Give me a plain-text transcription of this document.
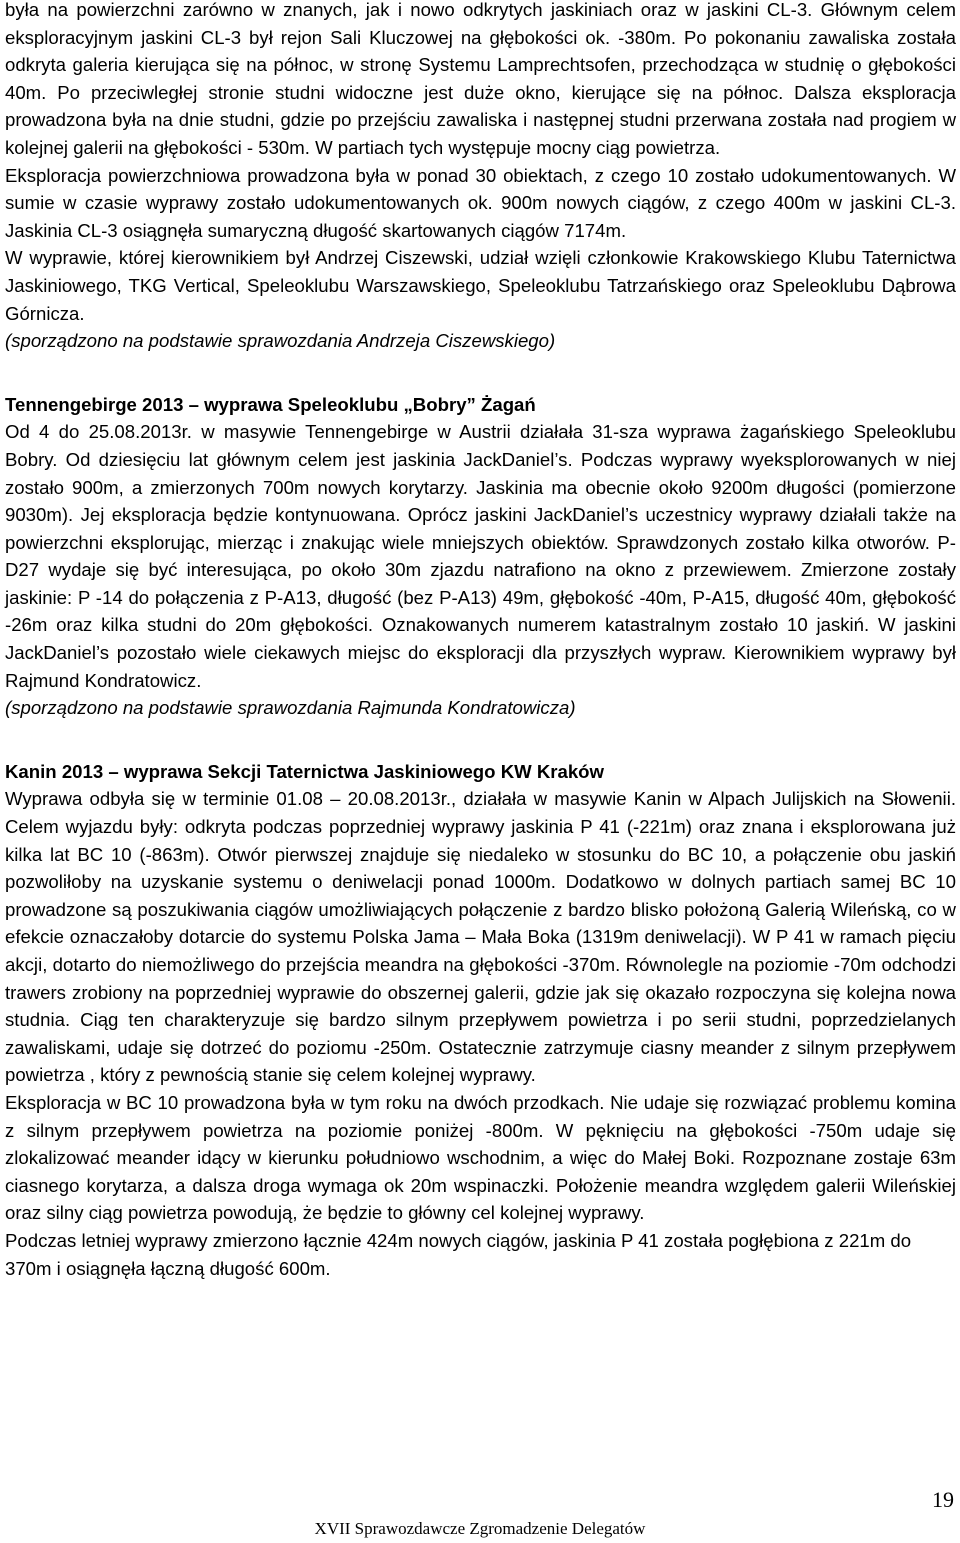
była na powierzchni zarówno w znanych, jak i nowo odkrytych jaskiniach oraz w jaskini CL-3. Głównym celem eksploracyjnym jaskini CL-3 był rejon Sali Kluczowej na głębokości ok. -380m. Po pokonaniu zawaliska została odkryta galeria kierująca się na północ, w stronę Systemu Lamprechtsofen, przechodząca w studnię o głębokości 40m. Po przeciwległej stronie studni widoczne jest duże okno, kierujące się na północ. Dalsza eksploracja prowadzona była na dnie studni, gdzie po przejściu zawaliska i następnej studni przerwana została nad progiem w kolejnej galerii na głębokości - 530m. W partiach tych występuje mocny ciąg powietrza.

Eksploracja powierzchniowa prowadzona była w ponad 30 obiektach, z czego 10 zostało udokumentowanych. W sumie w czasie wyprawy zostało udokumentowanych ok. 900m nowych ciągów, z czego 400m w jaskini CL-3. Jaskinia CL-3 osiągnęła sumaryczną długość skartowanych ciągów 7174m.

W wyprawie, której kierownikiem był Andrzej Ciszewski, udział wzięli członkowie Krakowskiego Klubu Taternictwa Jaskiniowego, TKG Vertical, Speleoklubu Warszawskiego, Speleoklubu Tatrzańskiego oraz Speleoklubu Dąbrowa Górnicza.

(sporządzono na podstawie sprawozdania Andrzeja Ciszewskiego)

Tennengebirge 2013 – wyprawa Speleoklubu „Bobry” Żagań

Od 4 do 25.08.2013r. w masywie Tennengebirge w Austrii działała 31-sza wyprawa żagańskiego Speleoklubu Bobry. Od dziesięciu lat głównym celem jest jaskinia JackDaniel’s. Podczas wyprawy wyeksplorowanych w niej zostało 900m, a zmierzonych 700m nowych korytarzy. Jaskinia ma obecnie około 9200m długości (pomierzone 9030m). Jej eksploracja będzie kontynuowana. Oprócz jaskini JackDaniel’s uczestnicy wyprawy działali także na powierzchni eksplorując, mierząc i znakując wiele mniejszych obiektów. Sprawdzonych zostało kilka otworów. P-D27 wydaje się być interesująca, po około 30m zjazdu natrafiono na okno z przewiewem. Zmierzone zostały jaskinie: P -14 do połączenia z P-A13, długość (bez P-A13) 49m, głębokość -40m, P-A15, długość 40m, głębokość -26m oraz kilka studni do 20m głębokości. Oznakowanych numerem katastralnym zostało 10 jaskiń. W jaskini JackDaniel’s pozostało wiele ciekawych miejsc do eksploracji dla przyszłych wypraw. Kierownikiem wyprawy był Rajmund Kondratowicz.

(sporządzono na podstawie sprawozdania Rajmunda Kondratowicza)

Kanin 2013 – wyprawa Sekcji Taternictwa Jaskiniowego KW Kraków

Wyprawa odbyła się w terminie 01.08 – 20.08.2013r., działała w masywie Kanin w Alpach Julijskich na Słowenii. Celem wyjazdu były: odkryta podczas poprzedniej wyprawy jaskinia P 41 (-221m) oraz znana i eksplorowana już kilka lat BC 10 (-863m). Otwór pierwszej znajduje się niedaleko w stosunku do BC 10, a połączenie obu jaskiń pozwoliłoby na uzyskanie systemu o deniwelacji ponad 1000m. Dodatkowo w dolnych partiach samej BC 10 prowadzone są poszukiwania ciągów umożliwiających połączenie z bardzo blisko położoną Galerią Wileńską, co w efekcie oznaczałoby dotarcie do systemu Polska Jama – Mała Boka (1319m deniwelacji). W P 41 w ramach pięciu akcji, dotarto do niemożliwego do przejścia meandra na głębokości -370m. Równolegle na poziomie -70m odchodzi trawers zrobiony na poprzedniej wyprawie do obszernej galerii, gdzie jak się okazało rozpoczyna się kolejna nowa studnia. Ciąg ten charakteryzuje się bardzo silnym przepływem powietrza i po serii studni, poprzedzielanych zawaliskami, udaje się dotrzeć do poziomu -250m. Ostatecznie zatrzymuje ciasny meander z silnym przepływem powietrza , który z pewnością stanie się celem kolejnej wyprawy.

Eksploracja w BC 10 prowadzona była w tym roku na dwóch przodkach. Nie udaje się rozwiązać problemu komina z silnym przepływem powietrza na poziomie poniżej -800m. W pęknięciu na głębokości -750m udaje się zlokalizować meander idący w kierunku południowo wschodnim, a więc do Małej Boki. Rozpoznane zostaje 63m ciasnego korytarza, a dalsza droga wymaga ok 20m wspinaczki. Położenie meandra względem galerii Wileńskiej oraz silny ciąg powietrza powodują, że będzie to główny cel kolejnej wyprawy.

Podczas letniej wyprawy zmierzono łącznie 424m nowych ciągów, jaskinia P 41 została pogłębiona z 221m do 370m i osiągnęła łączną długość 600m.

19
XVII Sprawozdawcze Zgromadzenie Delegatów
